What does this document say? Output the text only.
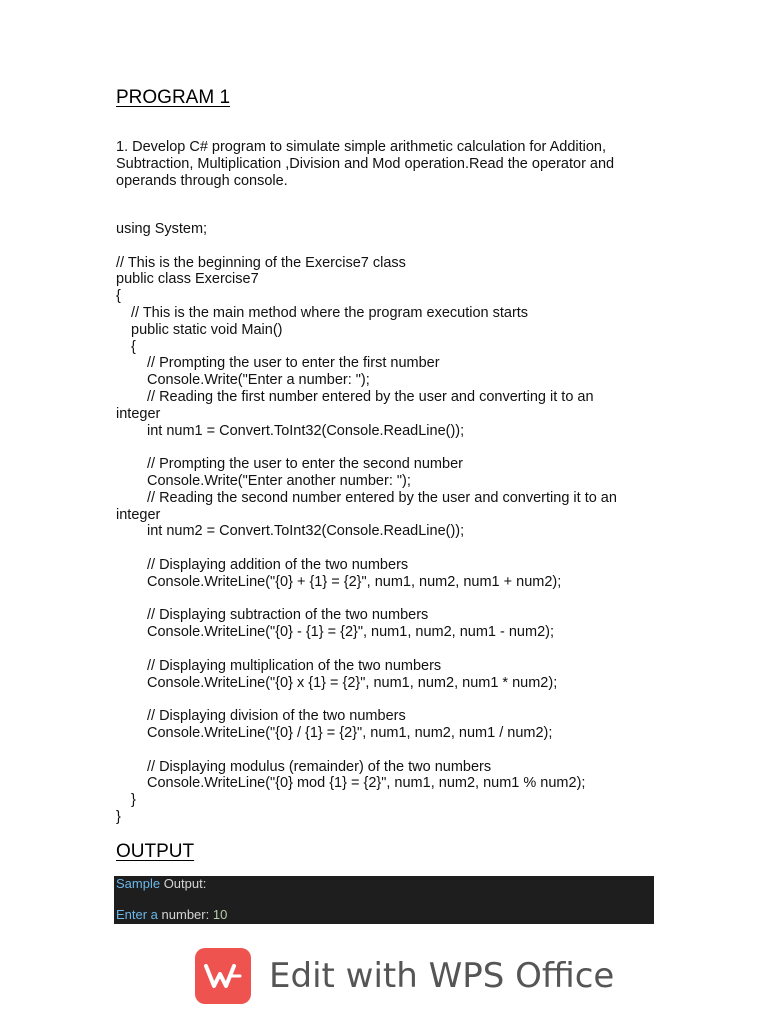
PROGRAM 1
1. Develop C# program to simulate simple arithmetic calculation for Addition, Subtraction, Multiplication ,Division and Mod operation.Read the operator and operands through console.
using System;
// This is the beginning of the Exercise7 class
public class Exercise7
{
// This is the main method where the program execution starts
public static void Main()
{
// Prompting the user to enter the first number
Console.Write("Enter a number: ");
// Reading the first number entered by the user and converting it to an
integer
int num1 = Convert.ToInt32(Console.ReadLine());
// Prompting the user to enter the second number
Console.Write("Enter another number: ");
// Reading the second number entered by the user and converting it to an
integer
int num2 = Convert.ToInt32(Console.ReadLine());
// Displaying addition of the two numbers
Console.WriteLine("{0} + {1} = {2}", num1, num2, num1 + num2);
// Displaying subtraction of the two numbers
Console.WriteLine("{0} - {1} = {2}", num1, num2, num1 - num2);
// Displaying multiplication of the two numbers
Console.WriteLine("{0} x {1} = {2}", num1, num2, num1 * num2);
// Displaying division of the two numbers
Console.WriteLine("{0} / {1} = {2}", num1, num2, num1 / num2);
// Displaying modulus (remainder) of the two numbers
Console.WriteLine("{0} mod {1} = {2}", num1, num2, num1 % num2);
}
}
OUTPUT
Sample Output:
Enter a number: 10
Edit with WPS Office
